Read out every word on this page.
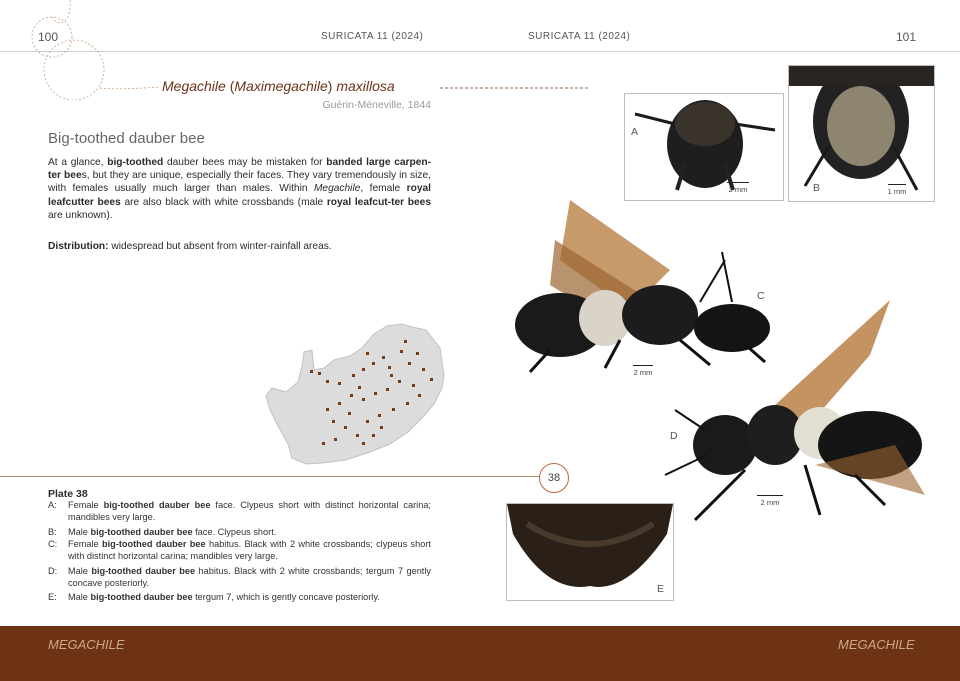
100	SURICATA 11 (2024)	SURICATA 11 (2024)	101
Megachile (Maximegachile) maxillosa
Guérin-Méneville, 1844
Big-toothed dauber bee
At a glance, big-toothed dauber bees may be mistaken for banded large carpen-ter bees, but they are unique, especially their faces. They vary tremendously in size, with females usually much larger than males. Within Megachile, female royal leafcutter bees are also black with white crossbands (male royal leafcut-ter bees are unknown).
Distribution: widespread but absent from winter-rainfall areas.
A
2 mm	B	1 mm
C
2 mm
D
2 mm
E
38
Plate 38
A: Female big-toothed dauber bee face. Clypeus short with distinct horizontal carina; mandibles very large.
B: Male big-toothed dauber bee face. Clypeus short.
C: Female big-toothed dauber bee habitus. Black with 2 white crossbands; clypeus short with distinct horizontal carina; mandibles very large.
D: Male big-toothed dauber bee habitus. Black with 2 white crossbands; tergum 7 gently concave posteriorly.
E: Male big-toothed dauber bee tergum 7, which is gently concave posteriorly.
MEGACHILE	MEGACHILE
